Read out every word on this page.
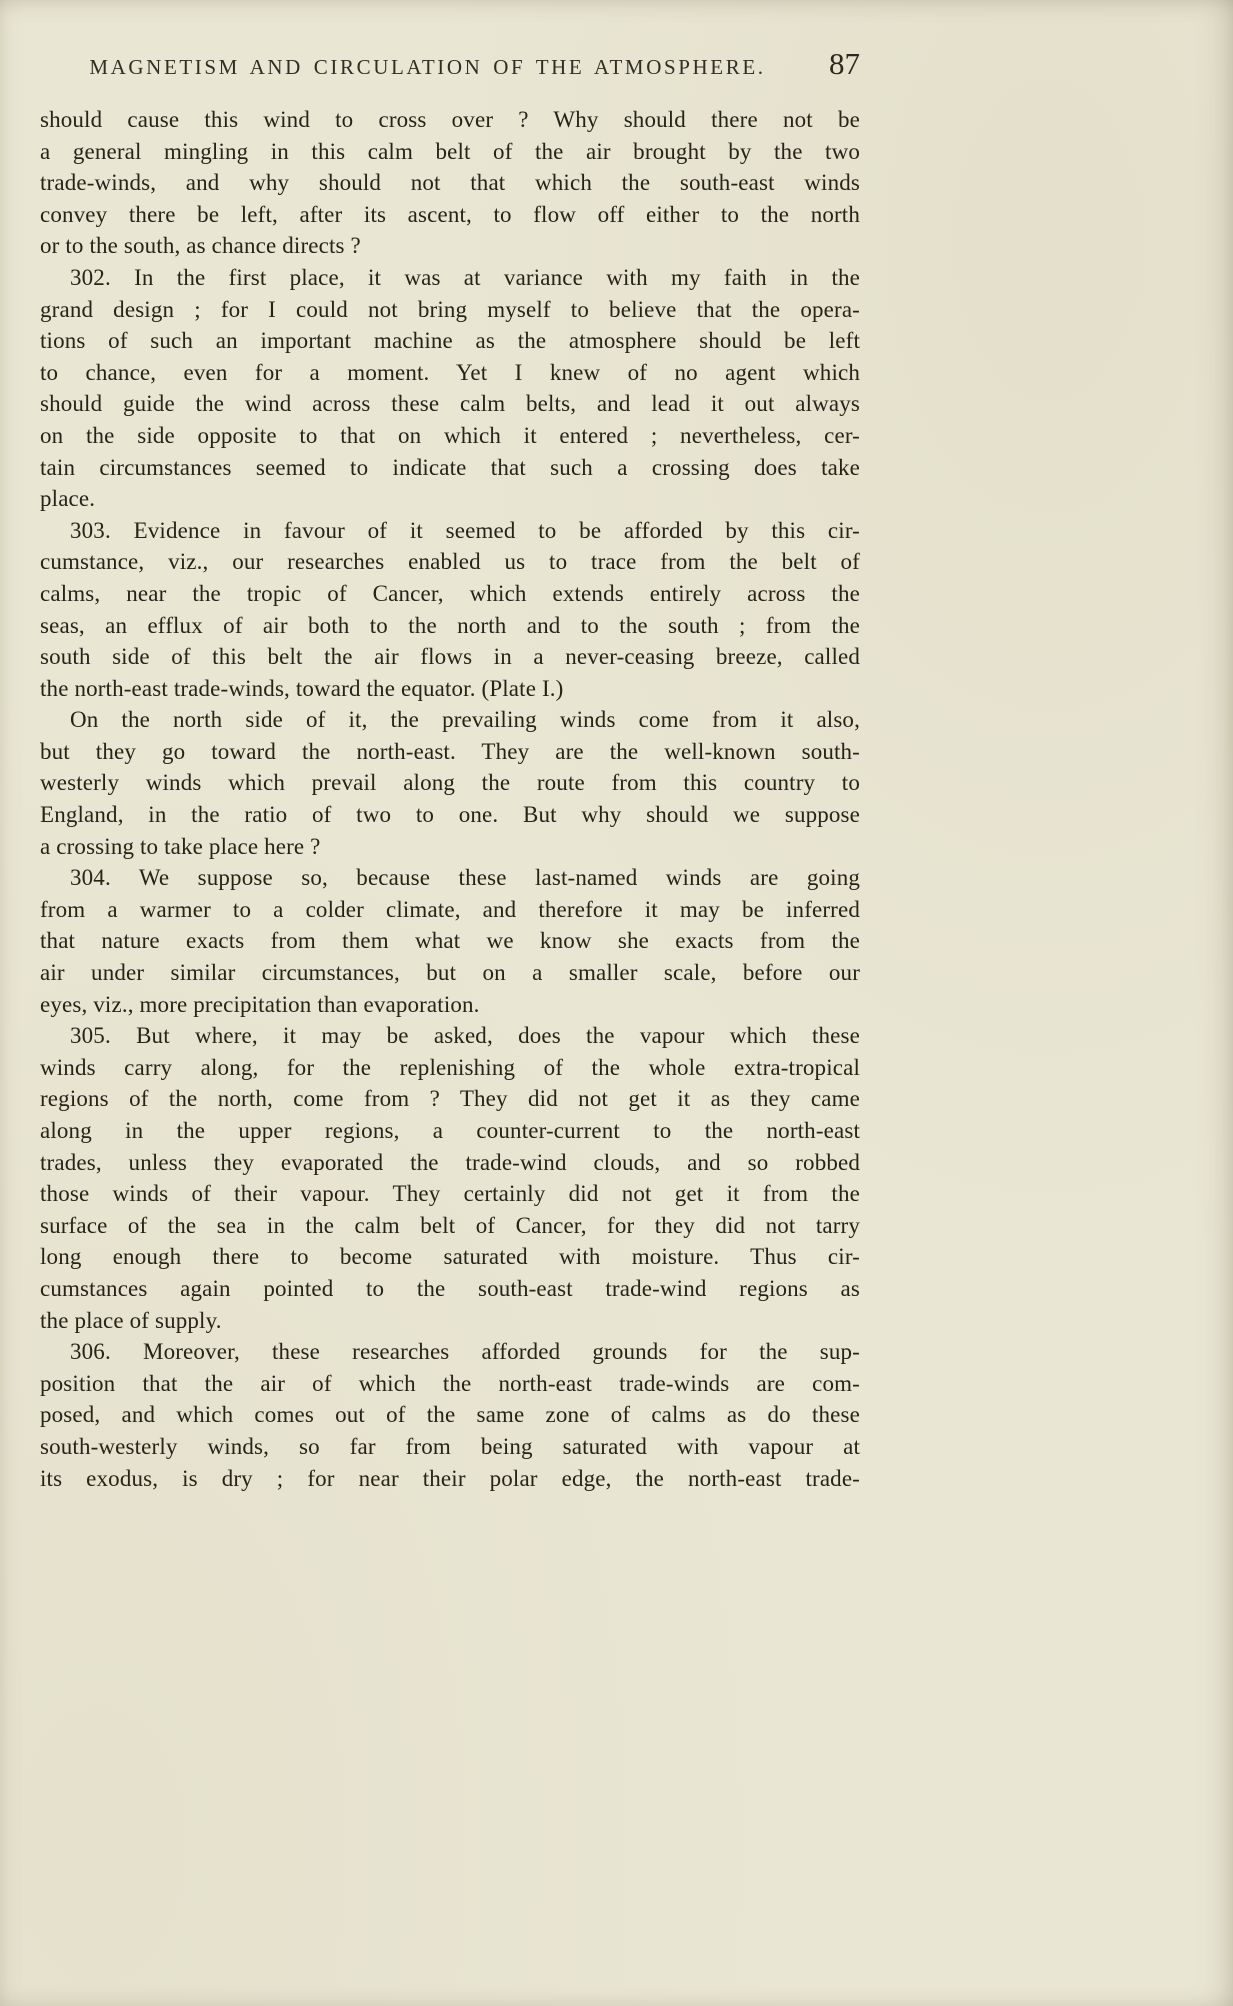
MAGNETISM AND CIRCULATION OF THE ATMOSPHERE.	87
should cause this wind to cross over ? Why should there not be
a general mingling in this calm belt of the air brought by the two
trade-winds, and why should not that which the south-east winds
convey there be left, after its ascent, to flow off either to the north
or to the south, as chance directs ?
302. In the first place, it was at variance with my faith in the
grand design ; for I could not bring myself to believe that the opera-
tions of such an important machine as the atmosphere should be left
to chance, even for a moment. Yet I knew of no agent which
should guide the wind across these calm belts, and lead it out always
on the side opposite to that on which it entered ; nevertheless, cer-
tain circumstances seemed to indicate that such a crossing does take
place.
303. Evidence in favour of it seemed to be afforded by this cir-
cumstance, viz., our researches enabled us to trace from the belt of
calms, near the tropic of Cancer, which extends entirely across the
seas, an efflux of air both to the north and to the south ; from the
south side of this belt the air flows in a never-ceasing breeze, called
the north-east trade-winds, toward the equator. (Plate I.)
On the north side of it, the prevailing winds come from it also,
but they go toward the north-east. They are the well-known south-
westerly winds which prevail along the route from this country to
England, in the ratio of two to one. But why should we suppose
a crossing to take place here ?
304. We suppose so, because these last-named winds are going
from a warmer to a colder climate, and therefore it may be inferred
that nature exacts from them what we know she exacts from the
air under similar circumstances, but on a smaller scale, before our
eyes, viz., more precipitation than evaporation.
305. But where, it may be asked, does the vapour which these
winds carry along, for the replenishing of the whole extra-tropical
regions of the north, come from ? They did not get it as they came
along in the upper regions, a counter-current to the north-east
trades, unless they evaporated the trade-wind clouds, and so robbed
those winds of their vapour. They certainly did not get it from the
surface of the sea in the calm belt of Cancer, for they did not tarry
long enough there to become saturated with moisture. Thus cir-
cumstances again pointed to the south-east trade-wind regions as
the place of supply.
306. Moreover, these researches afforded grounds for the sup-
position that the air of which the north-east trade-winds are com-
posed, and which comes out of the same zone of calms as do these
south-westerly winds, so far from being saturated with vapour at
its exodus, is dry ; for near their polar edge, the north-east trade-
